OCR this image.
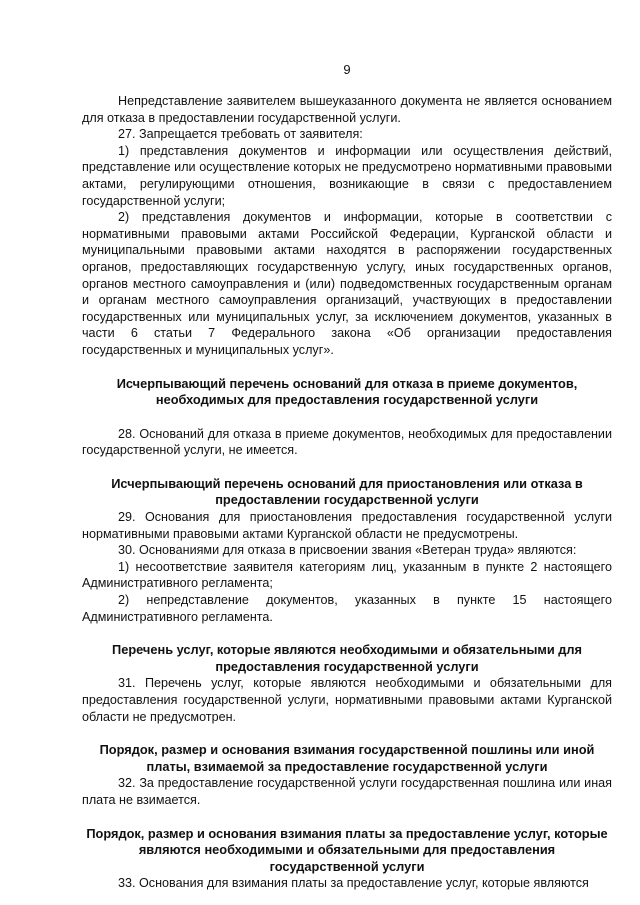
9

Непредставление заявителем вышеуказанного документа не является основанием для отказа в предоставлении государственной услуги.

27. Запрещается требовать от заявителя:

1) представления документов и информации или осуществления действий, представление или осуществление которых не предусмотрено нормативными правовыми актами, регулирующими отношения, возникающие в связи с предоставлением государственной услуги;

2) представления документов и информации, которые в соответствии с нормативными правовыми актами Российской Федерации, Курганской области и муниципальными правовыми актами находятся в распоряжении государственных органов, предоставляющих государственную услугу, иных государственных органов, органов местного самоуправления и (или) подведомственных государственным органам и органам местного самоуправления организаций, участвующих в предоставлении государственных или муниципальных услуг, за исключением документов, указанных в части 6 статьи 7 Федерального закона «Об организации предоставления государственных и муниципальных услуг».

Исчерпывающий перечень оснований для отказа в приеме документов, необходимых для предоставления государственной услуги

28. Оснований для отказа в приеме документов, необходимых для предоставлении государственной услуги, не имеется.

Исчерпывающий перечень оснований для приостановления или отказа в предоставлении государственной услуги

29. Основания для приостановления предоставления государственной услуги нормативными правовыми актами Курганской области не предусмотрены.

30. Основаниями для отказа в присвоении звания «Ветеран труда» являются:

1) несоответствие заявителя категориям лиц, указанным в пункте 2 настоящего Административного регламента;

2) непредставление документов, указанных в пункте 15 настоящего Административного регламента.

Перечень услуг, которые являются необходимыми и обязательными для предоставления государственной услуги

31. Перечень услуг, которые являются необходимыми и обязательными для предоставления государственной услуги, нормативными правовыми актами Курганской области не предусмотрен.

Порядок, размер и основания взимания государственной пошлины или иной платы, взимаемой за предоставление государственной услуги

32. За предоставление государственной услуги государственная пошлина или иная плата не взимается.

Порядок, размер и основания взимания платы за предоставление услуг, которые являются необходимыми и обязательными для предоставления государственной услуги

33. Основания для взимания платы за предоставление услуг, которые являются
